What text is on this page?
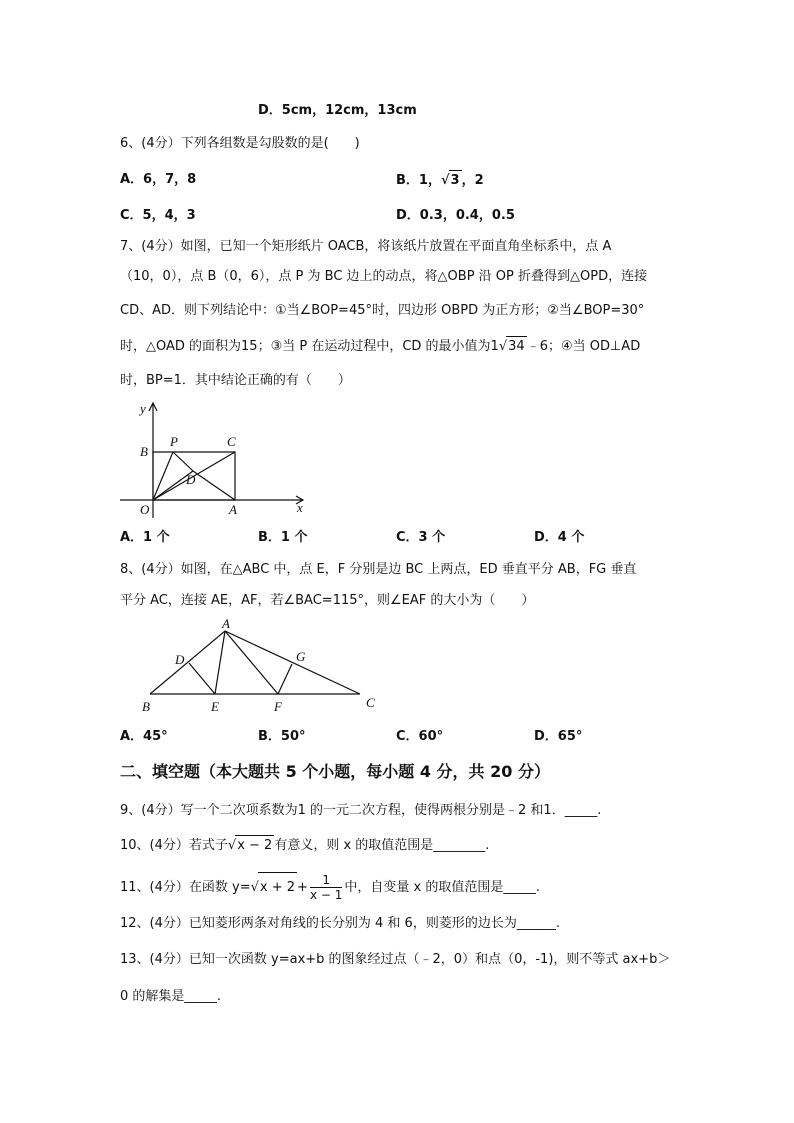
D．5cm，12cm，13cm
6、(4分）下列各组数是勾股数的是(　　)
A．6，7，8	B．1，√3 ，2
C．5，4，3	D．0.3，0.4，0.5
7、(4分）如图，已知一个矩形纸片 OACB，将该纸片放置在平面直角坐标系中，点 A
（10，0），点 B（0，6），点 P 为 BC 边上的动点，将△OBP 沿 OP 折叠得到△OPD，连接
CD、AD．则下列结论中：①当∠BOP=45°时，四边形 OBPD 为正方形；②当∠BOP=30°
时，△OAD 的面积为15；③当 P 在运动过程中，CD 的最小值为1√34 ﹣6；④当 OD⊥AD
时，BP=1．其中结论正确的有（　　）
y
x
B
P	C
D
O	A
A．1 个	B．1 个	C．3 个	D．4 个
8、(4分）如图，在△ABC 中，点 E，F 分别是边 BC 上两点，ED 垂直平分 AB，FG 垂直
平分 AC，连接 AE，AF，若∠BAC=115°，则∠EAF 的大小为（　　）
A
D	G
B	E	F	C
A．45°	B．50°	C．60°	D．65°
二、填空题（本大题共 5 个小题，每小题 4 分，共 20 分）
9、(4分）写一个二次项系数为1 的一元二次方程，使得两根分别是﹣2 和1．_____.
10、(4分）若式子√x − 2 有意义，则 x 的取值范围是________.
11、(4分）在函数 $y=√x + 2 + \frac{1}{x - 1}$ 中，自变量 x 的取值范围是_____.
12、(4分）已知菱形两条对角线的长分别为 4 和 6，则菱形的边长为______.
13、(4分）已知一次函数 y=ax+b 的图象经过点（﹣2，0）和点（0，-1)，则不等式 ax+b＞
0 的解集是_____.
